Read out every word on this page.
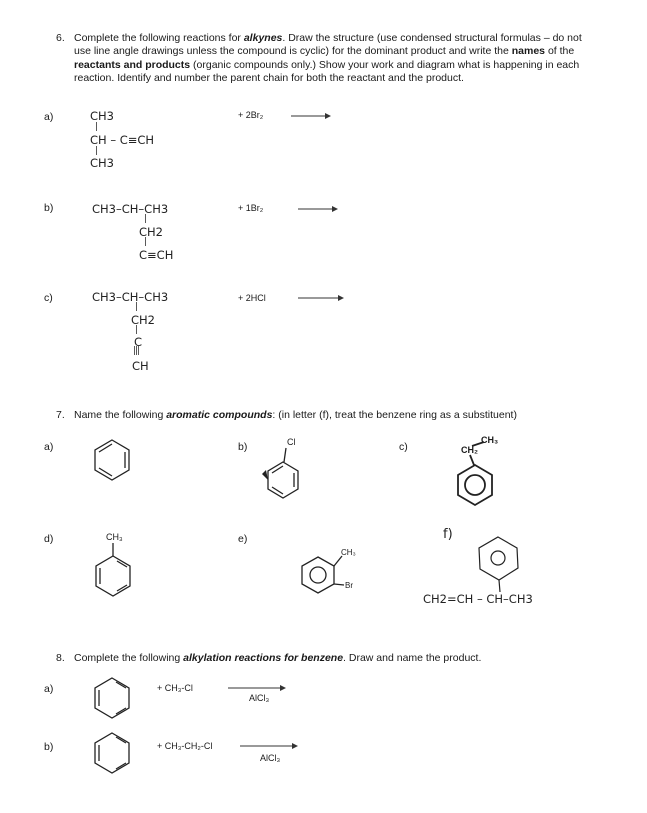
6. Complete the following reactions for alkynes. Draw the structure (use condensed structural formulas – do not
use line angle drawings unless the compound is cyclic) for the dominant product and write the names of the
reactants and products (organic compounds only.) Show your work and diagram what is happening in each
reaction. Identify and number the parent chain for both the reactant and the product.
a)	CH3
|
CH – C≡CH
|
CH3
+ 2Br₂
b)	CH3–CH–CH3
|
CH2
|
C≡CH
+ 1Br₂
c)	CH3–CH–CH3
|
CH2
|
C
|||
CH
+ 2HCl
7. Name the following aromatic compounds: (in letter (f), treat the benzene ring as a substituent)
a)	b)	c)
d)	e)	f)
Cl	CH₃
CH₂
CH₃
CH₃
Br
CH2=CH – CH–CH3
8. Complete the following alkylation reactions for benzene. Draw and name the product.
a)	+ CH₃-Cl
AlCl₃
b)	+ CH₃-CH₂-Cl
AlCl₃
